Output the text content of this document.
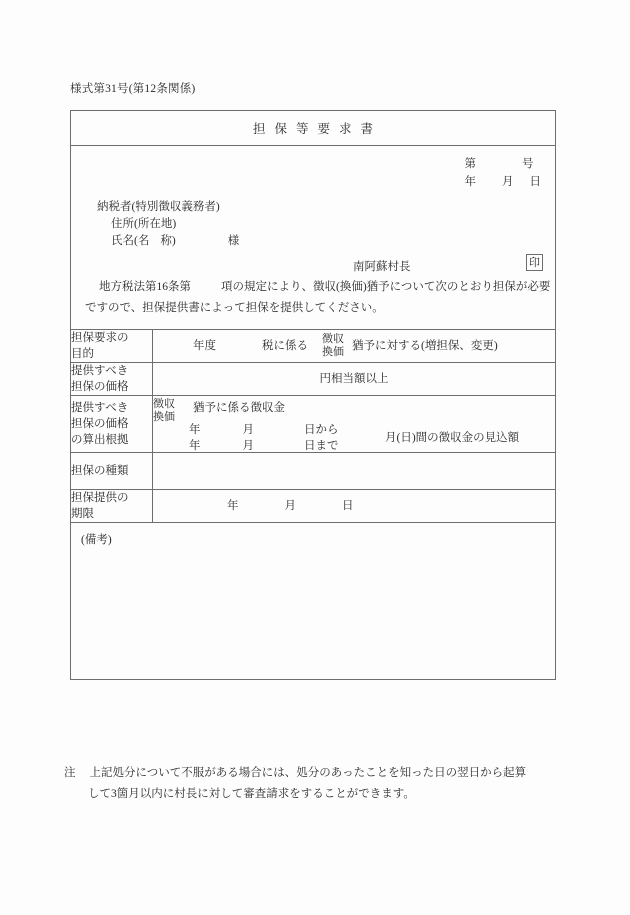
様式第31号(第12条関係)
担保等要求書
第	号
年 月 日
納税者(特別徴収義務者)
住所(所在地)
氏名(名 称)	様
南阿蘇村長	印
地方税法第16条第	項の規定により、徴収(換価)猶予について次のとおり担保が必要
ですので、担保提供書によって担保を提供してください。
担保要求の
目的

年度	税に係る
徴収
換価 猶予に対する(増担保、変更)

提供すべき
担保の価格	円相当額以上

提供すべき
担保の価格
の算出根拠

徴収
換価
猶予に係る徴収金
年	月	日から
年	月	日まで
月(日)間の徴収金の見込額

担保の種類	

担保提供の
期限	年 月 日
(備考)
注 上記処分について不服がある場合には、処分のあったことを知った日の翌日から起算
して3箇月以内に村長に対して審査請求をすることができます。
